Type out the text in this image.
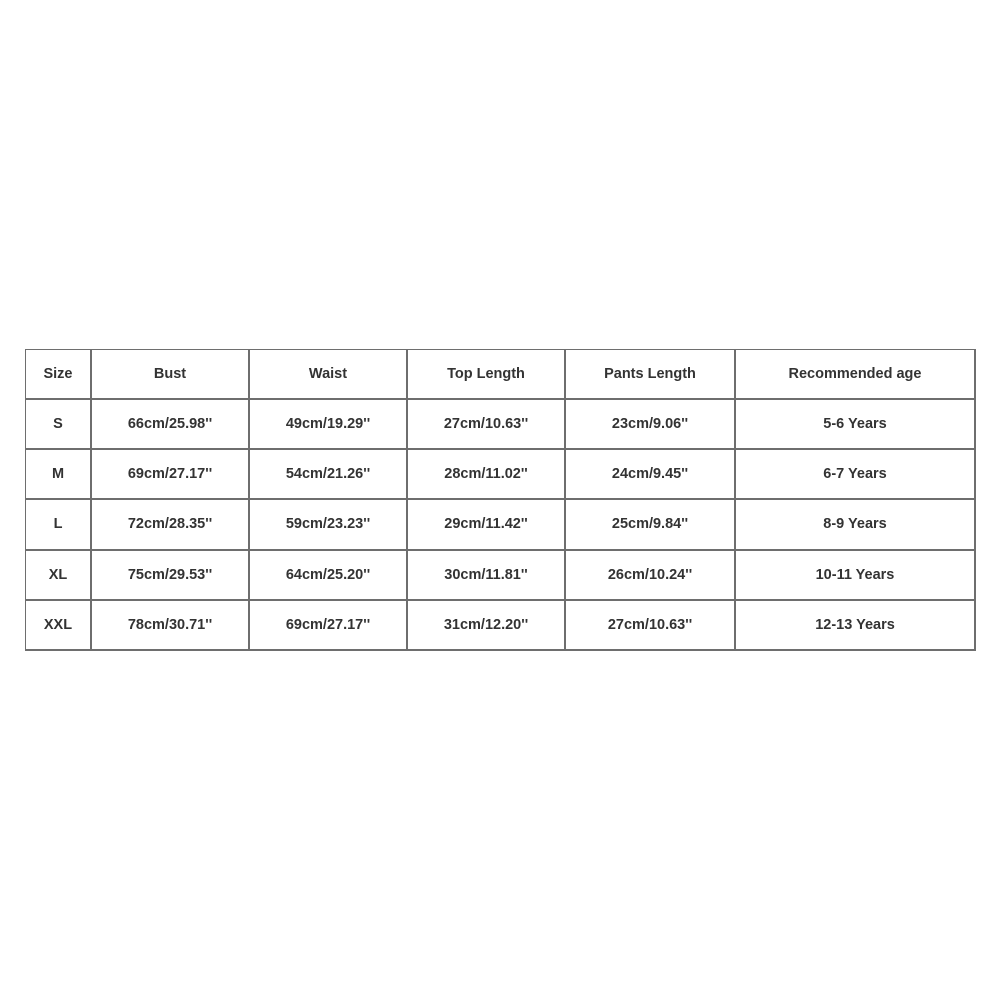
Size	Bust	Waist	Top Length	Pants Length	Recommended age
S	66cm/25.98''	49cm/19.29''	27cm/10.63''	23cm/9.06''	5-6 Years
M	69cm/27.17''	54cm/21.26''	28cm/11.02''	24cm/9.45''	6-7 Years
L	72cm/28.35''	59cm/23.23''	29cm/11.42''	25cm/9.84''	8-9 Years
XL	75cm/29.53''	64cm/25.20''	30cm/11.81''	26cm/10.24''	10-11 Years
XXL	78cm/30.71''	69cm/27.17''	31cm/12.20''	27cm/10.63''	12-13 Years
